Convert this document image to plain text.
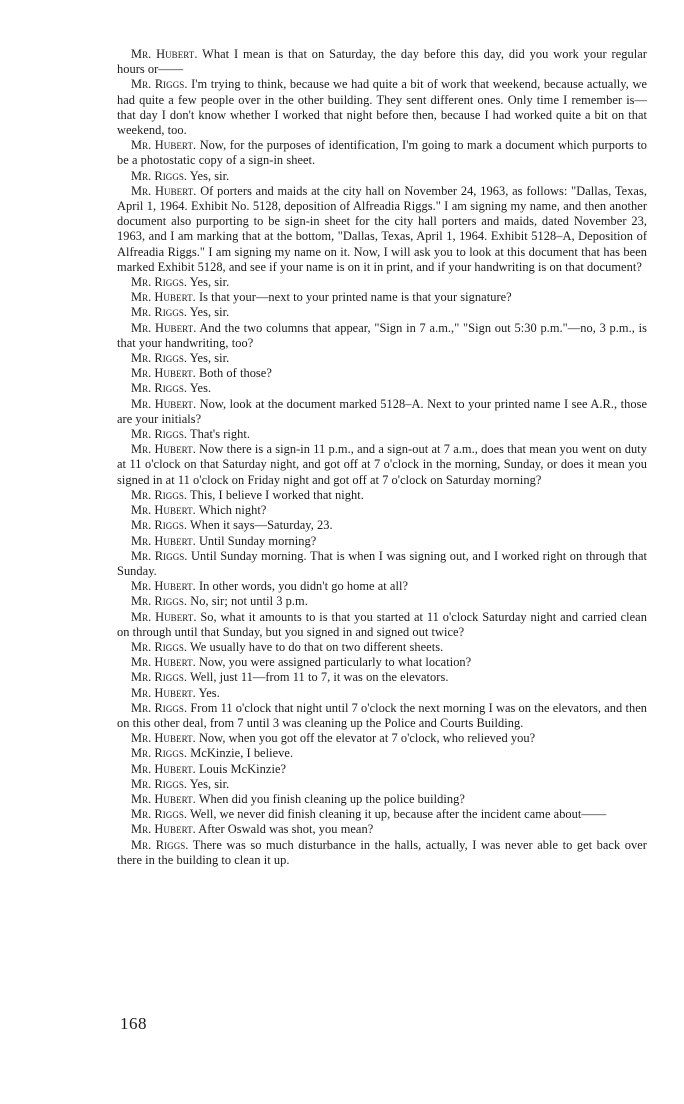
Mr. Hubert. What I mean is that on Saturday, the day before this day, did you work your regular hours or——

Mr. Riggs. I'm trying to think, because we had quite a bit of work that weekend, because actually, we had quite a few people over in the other building. They sent different ones. Only time I remember is—that day I don't know whether I worked that night before then, because I had worked quite a bit on that weekend, too.

Mr. Hubert. Now, for the purposes of identification, I'm going to mark a document which purports to be a photostatic copy of a sign-in sheet.

Mr. Riggs. Yes, sir.

Mr. Hubert. Of porters and maids at the city hall on November 24, 1963, as follows: "Dallas, Texas, April 1, 1964. Exhibit No. 5128, deposition of Alfreadia Riggs." I am signing my name, and then another document also purporting to be sign-in sheet for the city hall porters and maids, dated November 23, 1963, and I am marking that at the bottom, "Dallas, Texas, April 1, 1964. Exhibit 5128–A, Deposition of Alfreadia Riggs." I am signing my name on it. Now, I will ask you to look at this document that has been marked Exhibit 5128, and see if your name is on it in print, and if your handwriting is on that document?

Mr. Riggs. Yes, sir.

Mr. Hubert. Is that your—next to your printed name is that your signature?

Mr. Riggs. Yes, sir.

Mr. Hubert. And the two columns that appear, "Sign in 7 a.m.," "Sign out 5:30 p.m."—no, 3 p.m., is that your handwriting, too?

Mr. Riggs. Yes, sir.

Mr. Hubert. Both of those?

Mr. Riggs. Yes.

Mr. Hubert. Now, look at the document marked 5128–A. Next to your printed name I see A.R., those are your initials?

Mr. Riggs. That's right.

Mr. Hubert. Now there is a sign-in 11 p.m., and a sign-out at 7 a.m., does that mean you went on duty at 11 o'clock on that Saturday night, and got off at 7 o'clock in the morning, Sunday, or does it mean you signed in at 11 o'clock on Friday night and got off at 7 o'clock on Saturday morning?

Mr. Riggs. This, I believe I worked that night.

Mr. Hubert. Which night?

Mr. Riggs. When it says—Saturday, 23.

Mr. Hubert. Until Sunday morning?

Mr. Riggs. Until Sunday morning. That is when I was signing out, and I worked right on through that Sunday.

Mr. Hubert. In other words, you didn't go home at all?

Mr. Riggs. No, sir; not until 3 p.m.

Mr. Hubert. So, what it amounts to is that you started at 11 o'clock Saturday night and carried clean on through until that Sunday, but you signed in and signed out twice?

Mr. Riggs. We usually have to do that on two different sheets.

Mr. Hubert. Now, you were assigned particularly to what location?

Mr. Riggs. Well, just 11—from 11 to 7, it was on the elevators.

Mr. Hubert. Yes.

Mr. Riggs. From 11 o'clock that night until 7 o'clock the next morning I was on the elevators, and then on this other deal, from 7 until 3 was cleaning up the Police and Courts Building.

Mr. Hubert. Now, when you got off the elevator at 7 o'clock, who relieved you?

Mr. Riggs. McKinzie, I believe.

Mr. Hubert. Louis McKinzie?

Mr. Riggs. Yes, sir.

Mr. Hubert. When did you finish cleaning up the police building?

Mr. Riggs. Well, we never did finish cleaning it up, because after the incident came about——

Mr. Hubert. After Oswald was shot, you mean?

Mr. Riggs. There was so much disturbance in the halls, actually, I was never able to get back over there in the building to clean it up.

168
